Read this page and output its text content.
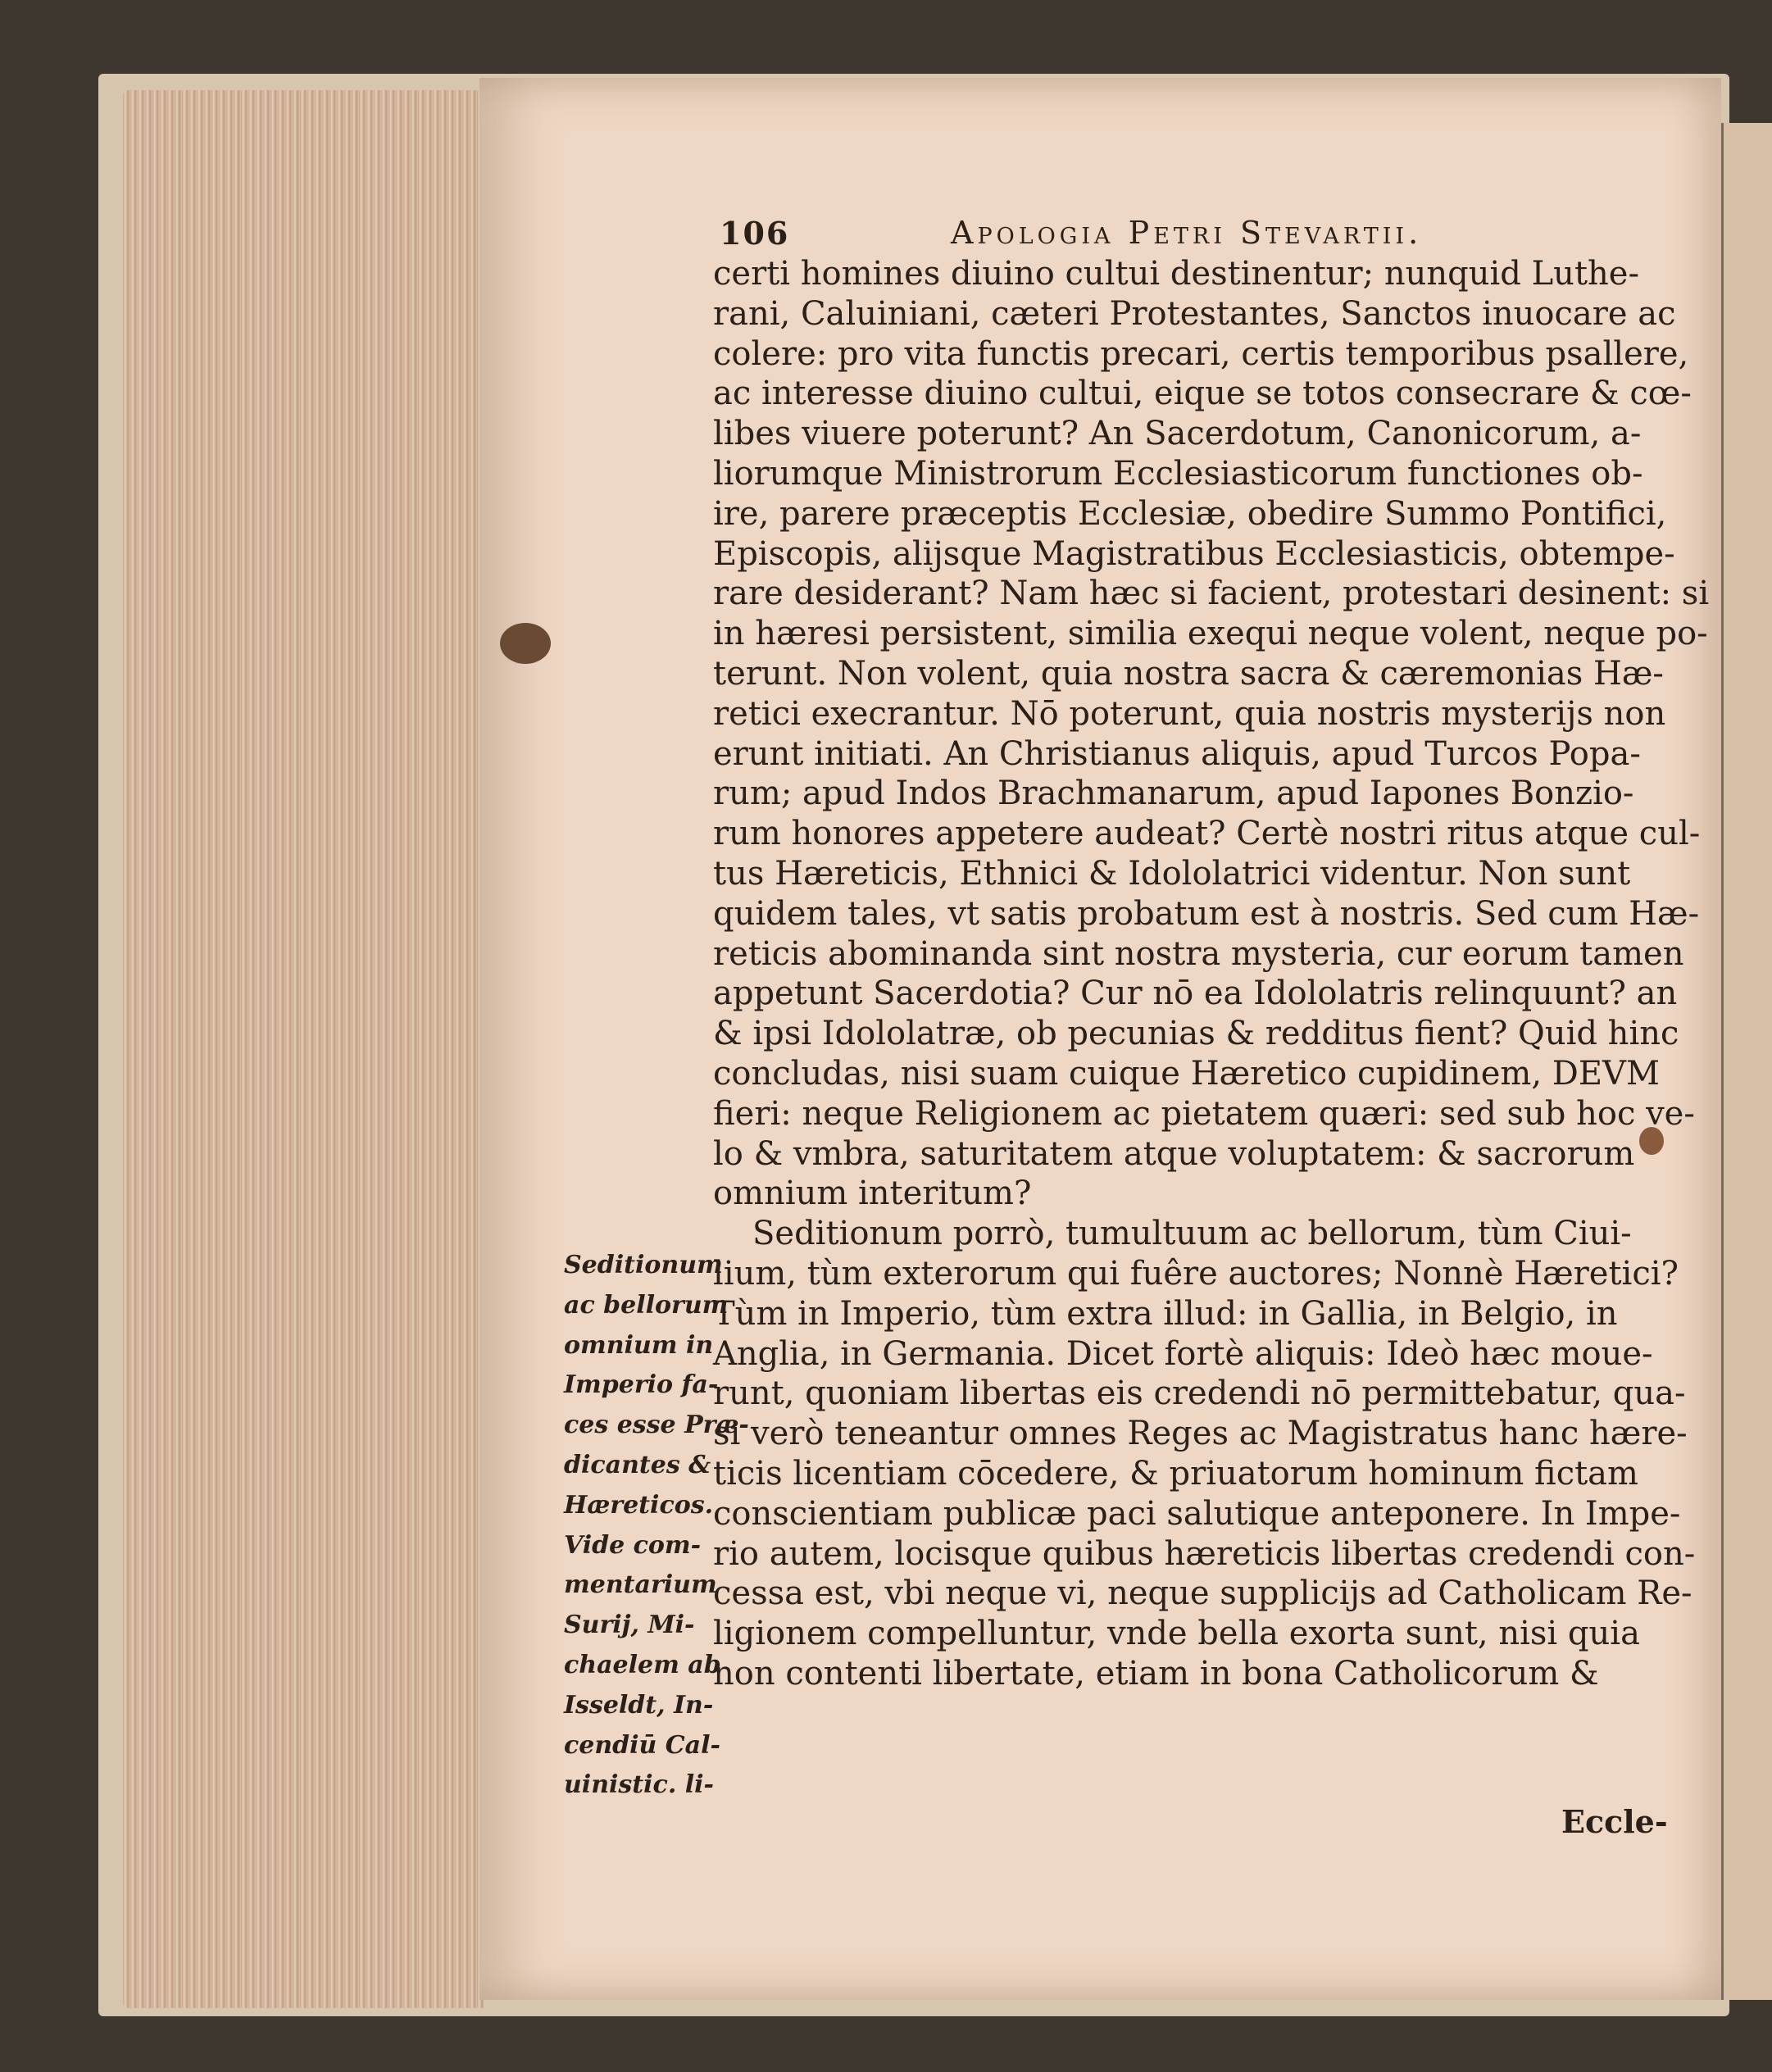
106	Apologia Petri Stevartii.
certi homines diuino cultui destinentur; nunquid Luthe-
rani, Caluiniani, cæteri Protestantes, Sanctos inuocare ac
colere: pro vita functis precari, certis temporibus psallere,
ac interesse diuino cultui, eique se totos consecrare & cœ-
libes viuere poterunt? An Sacerdotum, Canonicorum, a-
liorumque Ministrorum Ecclesiasticorum functiones ob-
ire, parere præceptis Ecclesiæ, obedire Summo Pontifici,
Episcopis, alijsque Magistratibus Ecclesiasticis, obtempe-
rare desiderant? Nam hæc si facient, protestari desinent: si
in hæresi persistent, similia exequi neque volent, neque po-
terunt. Non volent, quia nostra sacra & cæremonias Hæ-
retici execrantur. Nō poterunt, quia nostris mysterijs non
erunt initiati. An Christianus aliquis, apud Turcos Popa-
rum; apud Indos Brachmanarum, apud Iapones Bonzio-
rum honores appetere audeat? Certè nostri ritus atque cul-
tus Hæreticis, Ethnici & Idololatrici videntur. Non sunt
quidem tales, vt satis probatum est à nostris. Sed cum Hæ-
reticis abominanda sint nostra mysteria, cur eorum tamen
appetunt Sacerdotia? Cur nō ea Idololatris relinquunt? an
& ipsi Idololatræ, ob pecunias & redditus fient? Quid hinc
concludas, nisi suam cuique Hæretico cupidinem, DEVM
fieri: neque Religionem ac pietatem quæri: sed sub hoc ve-
lo & vmbra, saturitatem atque voluptatem: & sacrorum
omnium interitum?
Seditionum porrò, tumultuum ac bellorum, tùm Ciui-
lium, tùm exterorum qui fuêre auctores; Nonnè Hæretici?
Tùm in Imperio, tùm extra illud: in Gallia, in Belgio, in
Anglia, in Germania. Dicet fortè aliquis: Ideò hæc moue-
runt, quoniam libertas eis credendi nō permittebatur, qua-
si verò teneantur omnes Reges ac Magistratus hanc hære-
ticis licentiam cōcedere, & priuatorum hominum fictam
conscientiam publicæ paci salutique anteponere. In Impe-
rio autem, locisque quibus hæreticis libertas credendi con-
cessa est, vbi neque vi, neque supplicijs ad Catholicam Re-
ligionem compelluntur, vnde bella exorta sunt, nisi quia
non contenti libertate, etiam in bona Catholicorum &
Seditionum
ac bellorum
omnium in
Imperio fa-
ces esse Præ-
dicantes &
Hæreticos.
Vide com-
mentarium
Surij, Mi-
chaelem ab
Isseldt, In-
cendiū Cal-
uinistic. li-
Eccle-
